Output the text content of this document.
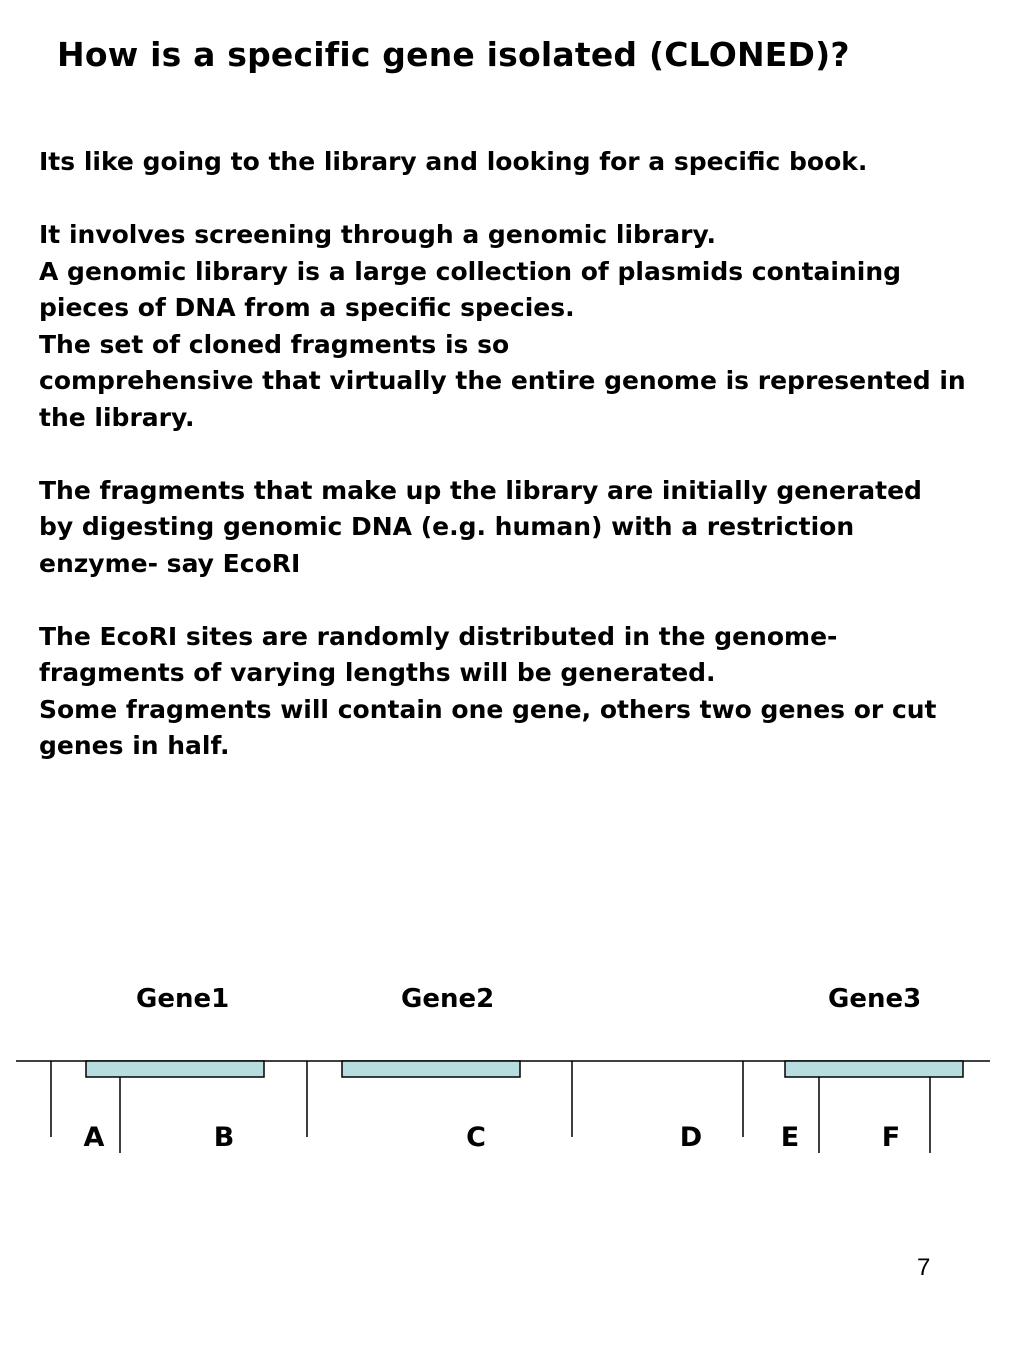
How is a specific gene isolated (CLONED)?
Its like going to the library and looking for a specific book.
It involves screening through a genomic library.
A genomic library is a large collection of plasmids containing
pieces of DNA from a specific species.
The set of cloned fragments is so
comprehensive that virtually the entire genome is represented in
the library.
The fragments that make up the library are initially generated
by digesting genomic DNA (e.g. human) with a restriction
enzyme- say EcoRI
The EcoRI sites are randomly distributed in the genome-
fragments of varying lengths will be generated.
Some fragments will contain one gene, others two genes or cut
genes in half.
Gene1	Gene2	Gene3
A	B	C	D	E	F
7
